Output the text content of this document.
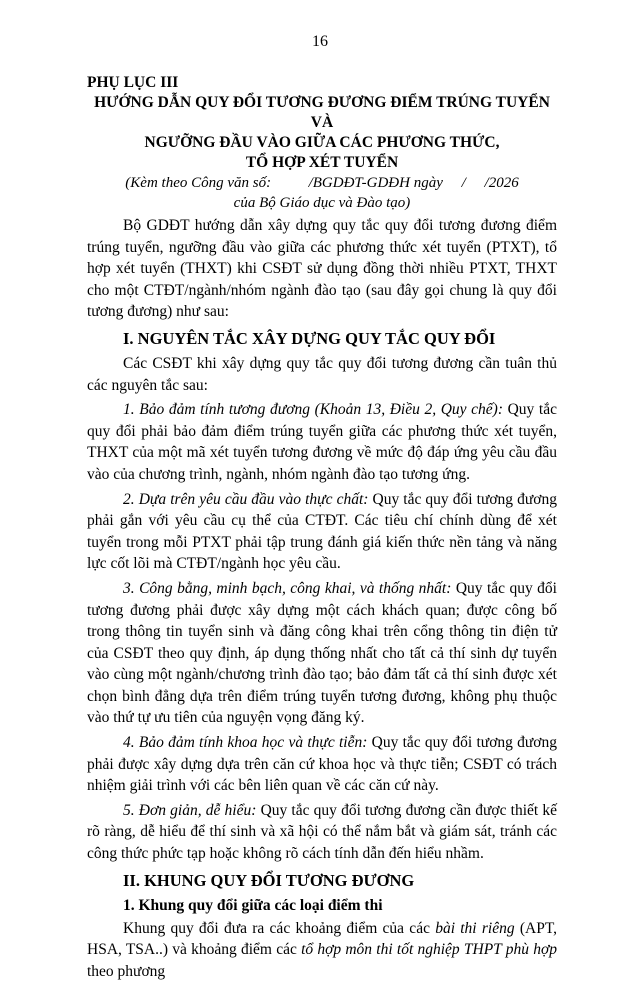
16
PHỤ LỤC III
HƯỚNG DẪN QUY ĐỔI TƯƠNG ĐƯƠNG ĐIỂM TRÚNG TUYỂN VÀ
NGƯỠNG ĐẦU VÀO GIỮA CÁC PHƯƠNG THỨC,
TỔ HỢP XÉT TUYỂN
(Kèm theo Công văn số:          /BGDĐT-GDĐH ngày     /     /2026
của Bộ Giáo dục và Đào tạo)

Bộ GDĐT hướng dẫn xây dựng quy tắc quy đổi tương đương điểm trúng tuyển, ngưỡng đầu vào giữa các phương thức xét tuyển (PTXT), tổ hợp xét tuyển (THXT) khi CSĐT sử dụng đồng thời nhiều PTXT, THXT cho một CTĐT/ngành/nhóm ngành đào tạo (sau đây gọi chung là quy đổi tương đương) như sau:

I. NGUYÊN TẮC XÂY DỰNG QUY TẮC QUY ĐỔI

Các CSĐT khi xây dựng quy tắc quy đổi tương đương cần tuân thủ các nguyên tắc sau:

1. Bảo đảm tính tương đương (Khoản 13, Điều 2, Quy chế): Quy tắc quy đổi phải bảo đảm điểm trúng tuyển giữa các phương thức xét tuyển, THXT của một mã xét tuyển tương đương về mức độ đáp ứng yêu cầu đầu vào của chương trình, ngành, nhóm ngành đào tạo tương ứng.

2. Dựa trên yêu cầu đầu vào thực chất: Quy tắc quy đổi tương đương phải gắn với yêu cầu cụ thể của CTĐT. Các tiêu chí chính dùng để xét tuyển trong mỗi PTXT phải tập trung đánh giá kiến thức nền tảng và năng lực cốt lõi mà CTĐT/ngành học yêu cầu.

3. Công bằng, minh bạch, công khai, và thống nhất: Quy tắc quy đổi tương đương phải được xây dựng một cách khách quan; được công bố trong thông tin tuyển sinh và đăng công khai trên cổng thông tin điện tử của CSĐT theo quy định, áp dụng thống nhất cho tất cả thí sinh dự tuyển vào cùng một ngành/chương trình đào tạo; bảo đảm tất cả thí sinh được xét chọn bình đẳng dựa trên điểm trúng tuyển tương đương, không phụ thuộc vào thứ tự ưu tiên của nguyện vọng đăng ký.

4. Bảo đảm tính khoa học và thực tiễn: Quy tắc quy đổi tương đương phải được xây dựng dựa trên căn cứ khoa học và thực tiễn; CSĐT có trách nhiệm giải trình với các bên liên quan về các căn cứ này.

5. Đơn giản, dễ hiểu: Quy tắc quy đổi tương đương cần được thiết kế rõ ràng, dễ hiểu để thí sinh và xã hội có thể nắm bắt và giám sát, tránh các công thức phức tạp hoặc không rõ cách tính dẫn đến hiểu nhầm.

II. KHUNG QUY ĐỔI TƯƠNG ĐƯƠNG
1. Khung quy đổi giữa các loại điểm thi

Khung quy đổi đưa ra các khoảng điểm của các bài thi riêng (APT, HSA, TSA..) và khoảng điểm các tổ hợp môn thi tốt nghiệp THPT phù hợp theo phương
